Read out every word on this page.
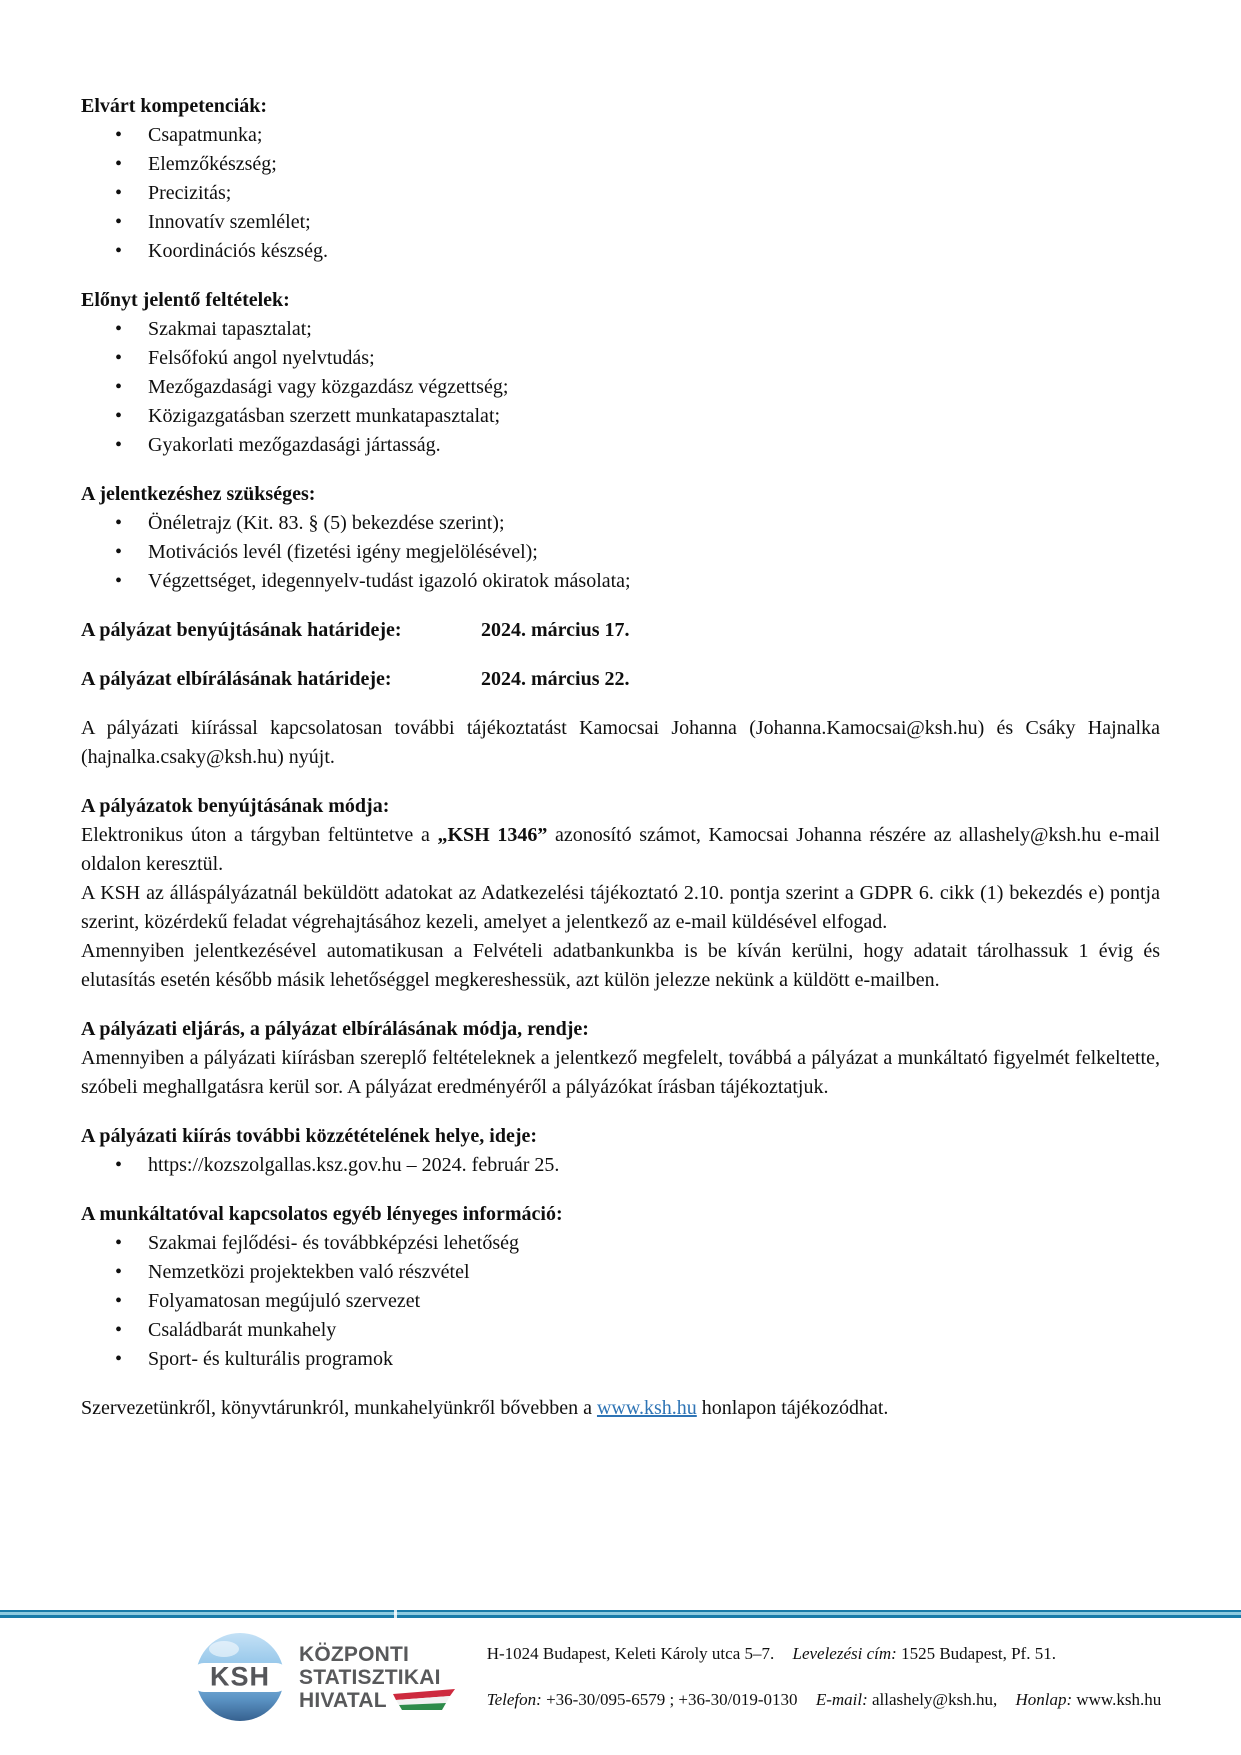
Elvárt kompetenciák:
•	Csapatmunka;
•	Elemzőkészség;
•	Precizitás;
•	Innovatív szemlélet;
•	Koordinációs készség.
Előnyt jelentő feltételek:
•	Szakmai tapasztalat;
•	Felsőfokú angol nyelvtudás;
•	Mezőgazdasági vagy közgazdász végzettség;
•	Közigazgatásban szerzett munkatapasztalat;
•	Gyakorlati mezőgazdasági jártasság.
A jelentkezéshez szükséges:
•	Önéletrajz (Kit. 83. § (5) bekezdése szerint);
•	Motivációs levél (fizetési igény megjelölésével);
•	Végzettséget, idegennyelv-tudást igazoló okiratok másolata;
A pályázat benyújtásának határideje:	2024. március 17.
A pályázat elbírálásának határideje:	2024. március 22.
A pályázati kiírással kapcsolatosan további tájékoztatást Kamocsai Johanna (Johanna.Kamocsai@ksh.hu) és Csáky Hajnalka (hajnalka.csaky@ksh.hu) nyújt.
A pályázatok benyújtásának módja:
Elektronikus úton a tárgyban feltüntetve a „KSH 1346” azonosító számot, Kamocsai Johanna részére az allashely@ksh.hu e-mail oldalon keresztül.
A KSH az álláspályázatnál beküldött adatokat az Adatkezelési tájékoztató 2.10. pontja szerint a GDPR 6. cikk (1) bekezdés e) pontja szerint, közérdekű feladat végrehajtásához kezeli, amelyet a jelentkező az e-mail küldésével elfogad.
Amennyiben jelentkezésével automatikusan a Felvételi adatbankunkba is be kíván kerülni, hogy adatait tárolhassuk 1 évig és elutasítás esetén később másik lehetőséggel megkereshessük, azt külön jelezze nekünk a küldött e-mailben.
A pályázati eljárás, a pályázat elbírálásának módja, rendje:
Amennyiben a pályázati kiírásban szereplő feltételeknek a jelentkező megfelelt, továbbá a pályázat a munkáltató figyelmét felkeltette, szóbeli meghallgatásra kerül sor. A pályázat eredményéről a pályázókat írásban tájékoztatjuk.
A pályázati kiírás további közzétételének helye, ideje:
•	https://kozszolgallas.ksz.gov.hu – 2024. február 25.
A munkáltatóval kapcsolatos egyéb lényeges információ:
•	Szakmai fejlődési- és továbbképzési lehetőség
•	Nemzetközi projektekben való részvétel
•	Folyamatosan megújuló szervezet
•	Családbarát munkahely
•	Sport- és kulturális programok
Szervezetünkről, könyvtárunkról, munkahelyünkről bővebben a www.ksh.hu honlapon tájékozódhat.
KSH
KÖZPONTI
STATISZTIKAI
HIVATAL
H-1024 Budapest, Keleti Károly utca 5–7. Levelezési cím: 1525 Budapest, Pf. 51.
Telefon: +36-30/095-6579 ; +36-30/019-0130 E-mail: allashely@ksh.hu, Honlap: www.ksh.hu
